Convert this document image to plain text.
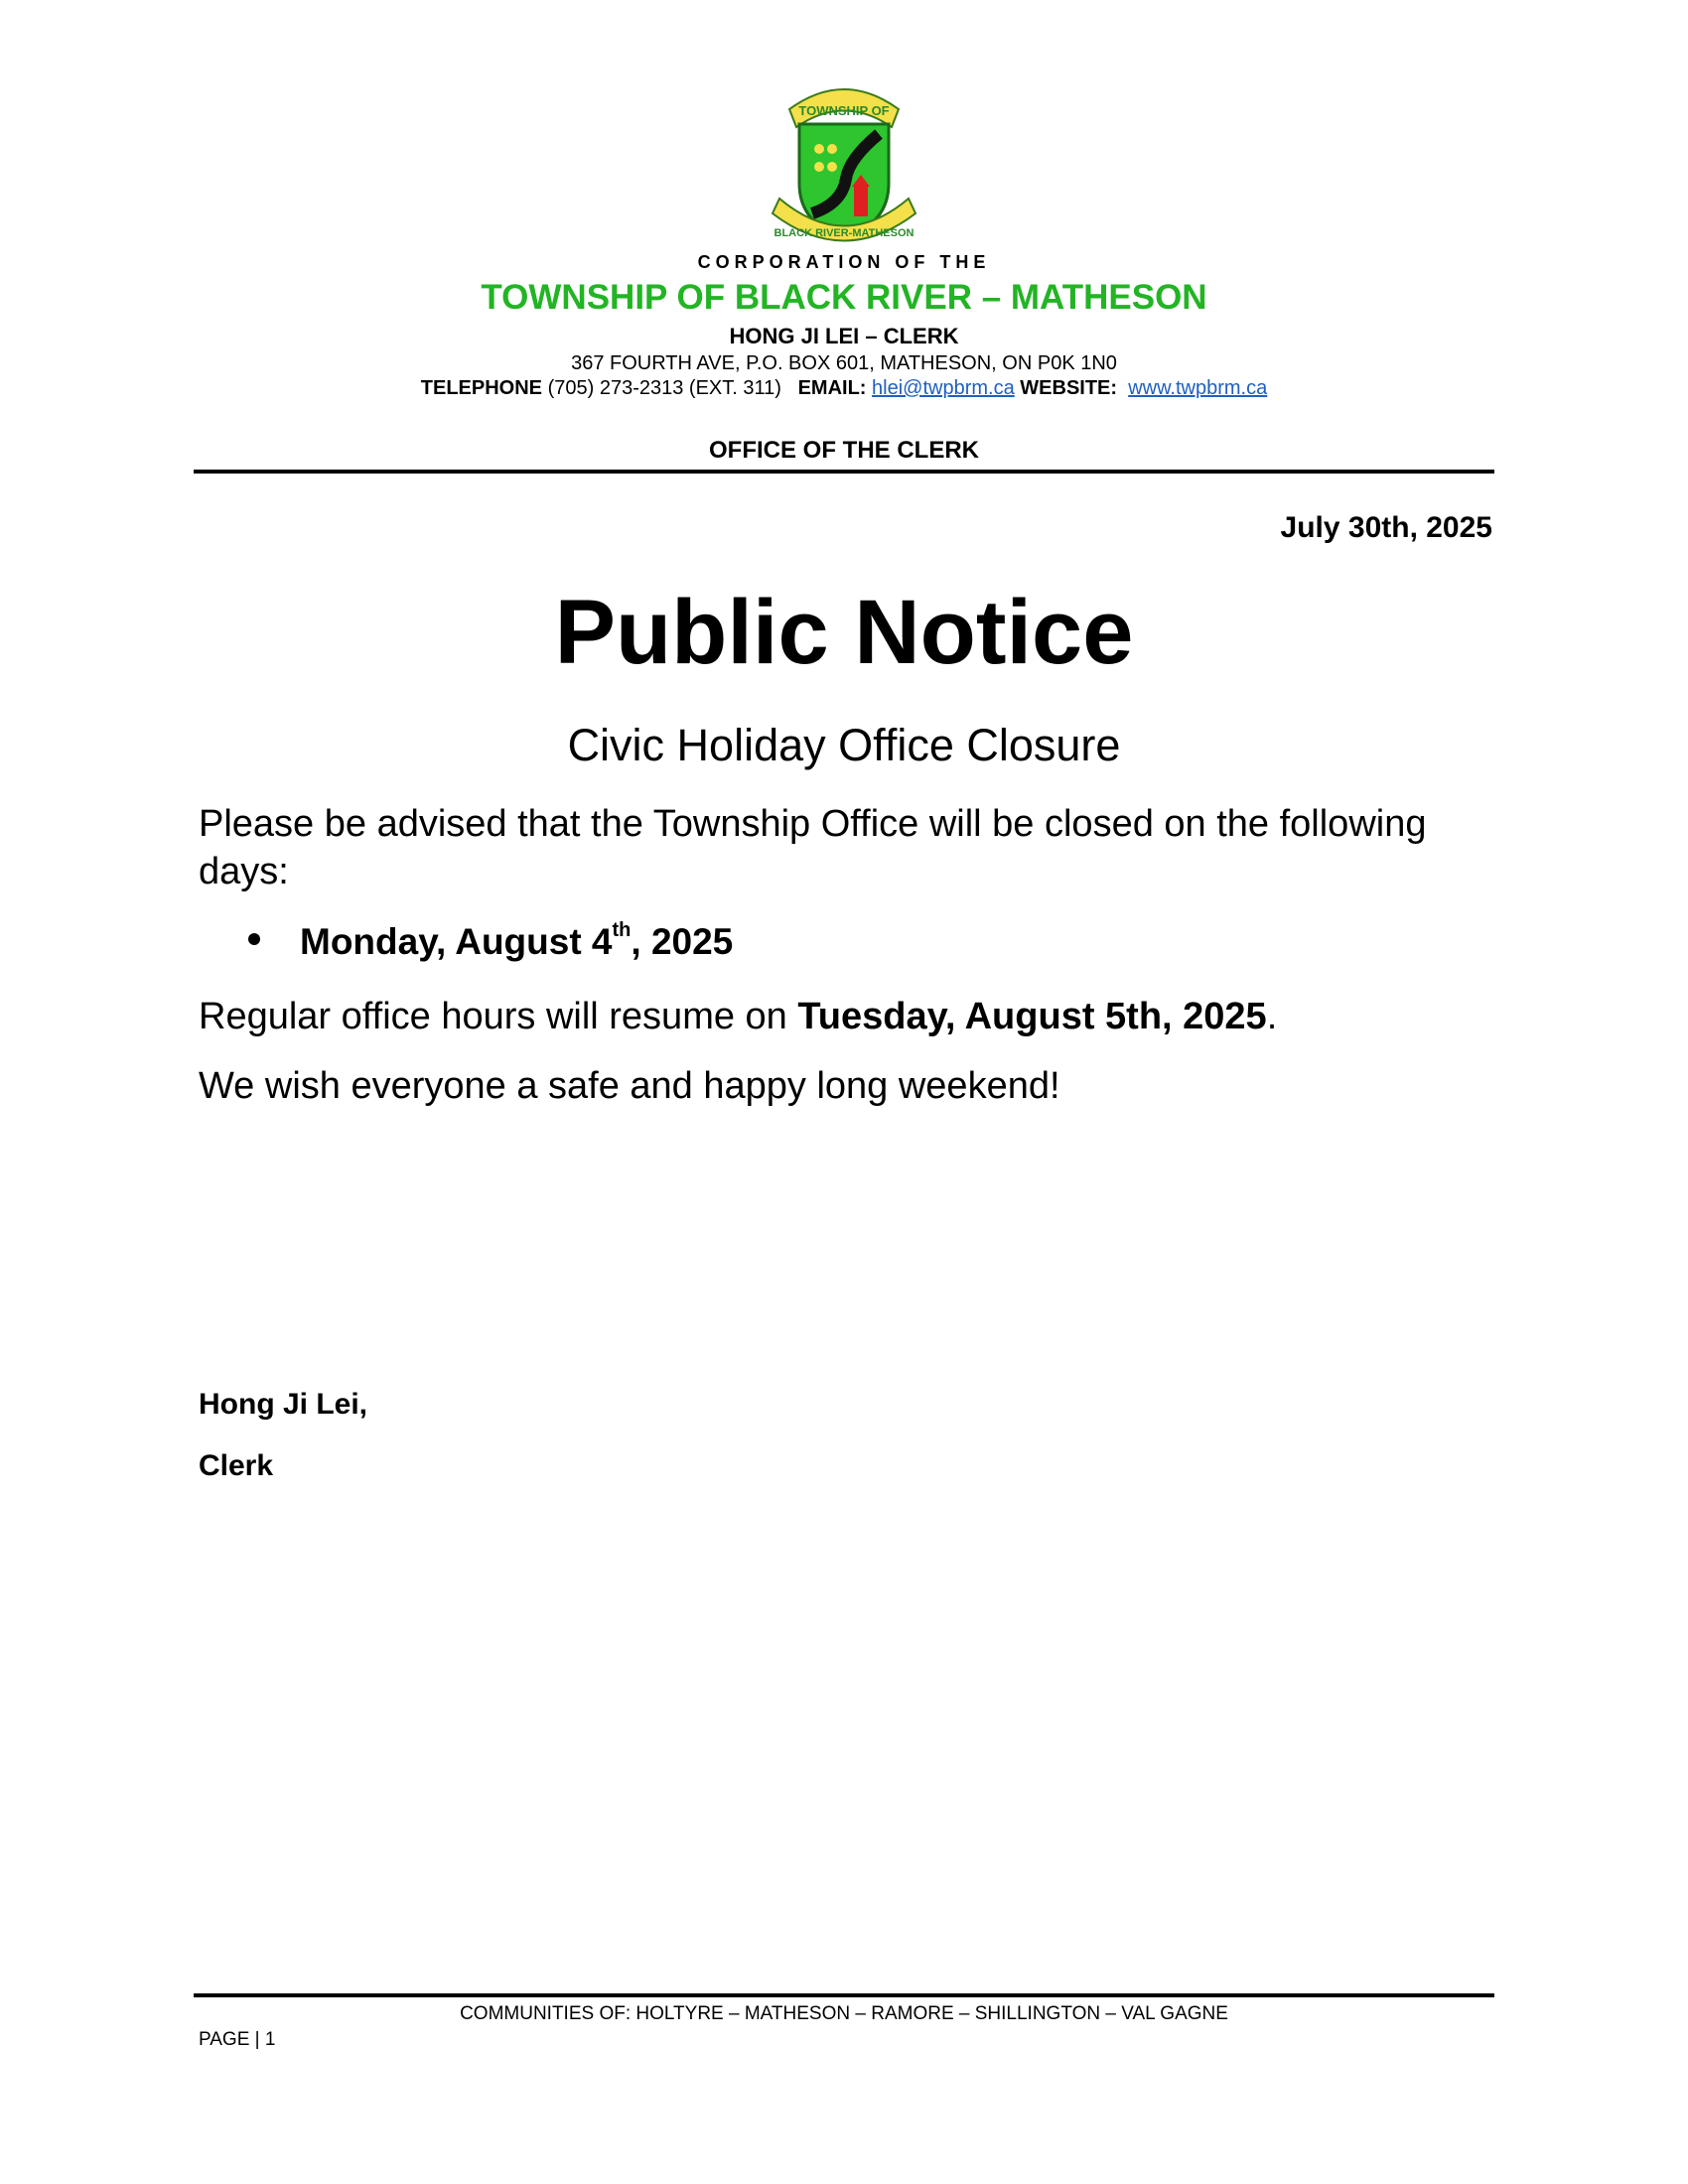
TOWNSHIP OF
BLACK RIVER-MATHESON
CORPORATION OF THE
TOWNSHIP OF BLACK RIVER – MATHESON
HONG JI LEI – CLERK
367 FOURTH AVE, P.O. BOX 601, MATHESON, ON P0K 1N0
TELEPHONE (705) 273-2313 (EXT. 311) EMAIL: hlei@twpbrm.ca WEBSITE: www.twpbrm.ca
OFFICE OF THE CLERK
July 30th, 2025
Public Notice
Civic Holiday Office Closure
Please be advised that the Township Office will be closed on the following days:
Monday, August 4th, 2025
Regular office hours will resume on Tuesday, August 5th, 2025.
We wish everyone a safe and happy long weekend!
Hong Ji Lei,
Clerk
COMMUNITIES OF: HOLTYRE – MATHESON – RAMORE – SHILLINGTON – VAL GAGNE
PAGE | 1
